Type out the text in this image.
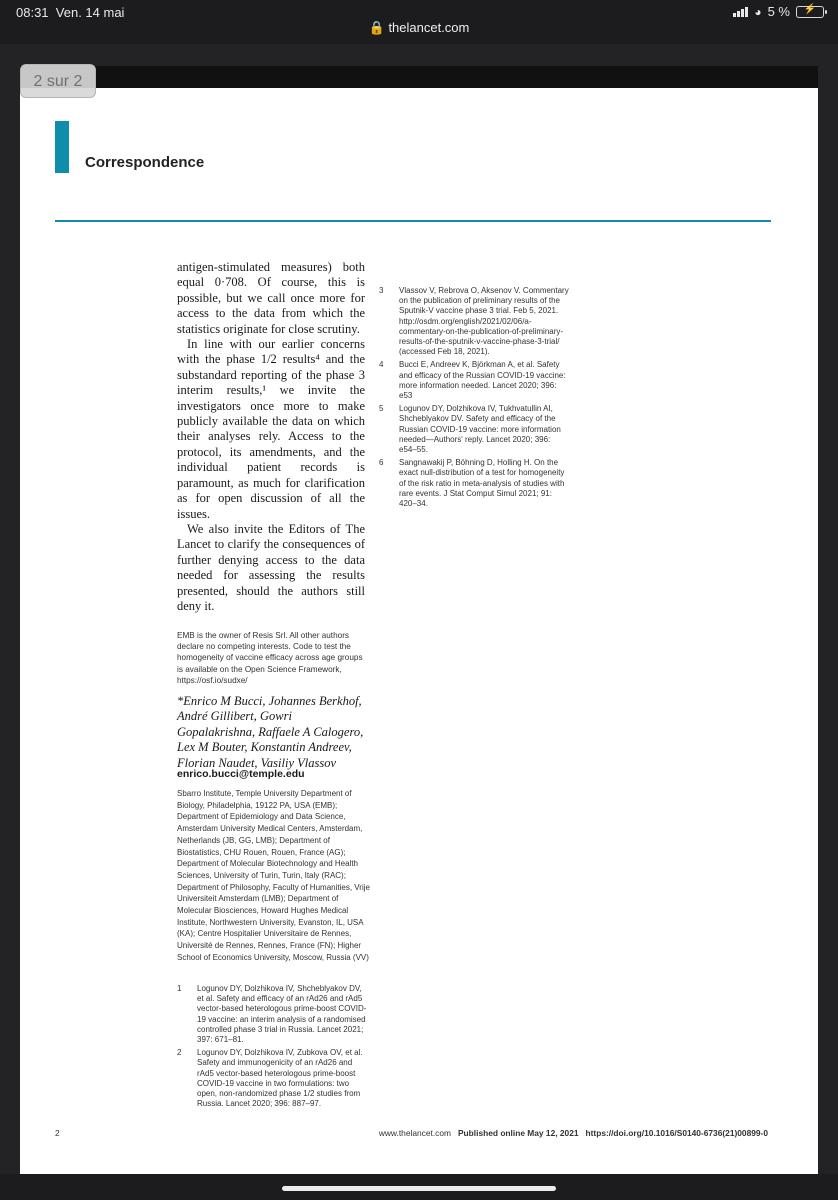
08:31 Ven. 14 mai
🔒 thelancet.com
◕ 5 %	⚡
Correspondence

antigen-stimulated measures) both equal 0·708. Of course, this is possible, but we call once more for access to the data from which the statistics originate for close scrutiny.

In line with our earlier concerns with the phase 1/2 results⁴ and the substandard reporting of the phase 3 interim results,¹ we invite the investigators once more to make publicly available the data on which their analyses rely. Access to the protocol, its amendments, and the individual patient records is paramount, as much for clarification as for open discussion of all the issues.

We also invite the Editors of The Lancet to clarify the consequences of further denying access to the data needed for assessing the results presented, should the authors still deny it.

EMB is the owner of Resis Srl. All other authors declare no competing interests. Code to test the homogeneity of vaccine efficacy across age groups is available on the Open Science Framework, https://osf.io/sudxe/
*Enrico M Bucci, Johannes Berkhof, André Gillibert, Gowri Gopalakrishna, Raffaele A Calogero, Lex M Bouter, Konstantin Andreev, Florian Naudet, Vasiliy Vlassov
enrico.bucci@temple.edu
Sbarro Institute, Temple University Department of Biology, Philadelphia, 19122 PA, USA (EMB); Department of Epidemiology and Data Science, Amsterdam University Medical Centers, Amsterdam, Netherlands (JB, GG, LMB); Department of Biostatistics, CHU Rouen, Rouen, France (AG); Department of Molecular Biotechnology and Health Sciences, University of Turin, Turin, Italy (RAC); Department of Philosophy, Faculty of Humanities, Vrije Universiteit Amsterdam (LMB); Department of Molecular Biosciences, Howard Hughes Medical Institute, Northwestern University, Evanston, IL, USA (KA); Centre Hospitalier Universitaire de Rennes, Université de Rennes, Rennes, France (FN); Higher School of Economics University, Moscow, Russia (VV)
1 Logunov DY, Dolzhikova IV, Shcheblyakov DV, et al. Safety and efficacy of an rAd26 and rAd5 vector-based heterologous prime-boost COVID-19 vaccine: an interim analysis of a randomised controlled phase 3 trial in Russia. Lancet 2021; 397: 671–81.
2 Logunov DY, Dolzhikova IV, Zubkova OV, et al. Safety and immunogenicity of an rAd26 and rAd5 vector-based heterologous prime-boost COVID-19 vaccine in two formulations: two open, non-randomized phase 1/2 studies from Russia. Lancet 2020; 396: 887–97.
3 Vlassov V, Rebrova O, Aksenov V. Commentary on the publication of preliminary results of the Sputnik-V vaccine phase 3 trial. Feb 5, 2021. http://osdm.org/english/2021/02/06/a-commentary-on-the-publication-of-preliminary-results-of-the-sputnik-v-vaccine-phase-3-trial/ (accessed Feb 18, 2021).
4 Bucci E, Andreev K, Björkman A, et al. Safety and efficacy of the Russian COVID-19 vaccine: more information needed. Lancet 2020; 396: e53
5 Logunov DY, Dolzhikova IV, Tukhvatullin AI, Shcheblyakov DV. Safety and efficacy of the Russian COVID-19 vaccine: more information needed—Authors' reply. Lancet 2020; 396: e54–55.
6 Sangnawakij P, Böhning D, Holling H. On the exact null-distribution of a test for homogeneity of the risk ratio in meta-analysis of studies with rare events. J Stat Comput Simul 2021; 91: 420–34.
2	www.thelancet.com Published online May 12, 2021 https://doi.org/10.1016/S0140-6736(21)00899-0
2 sur 2
